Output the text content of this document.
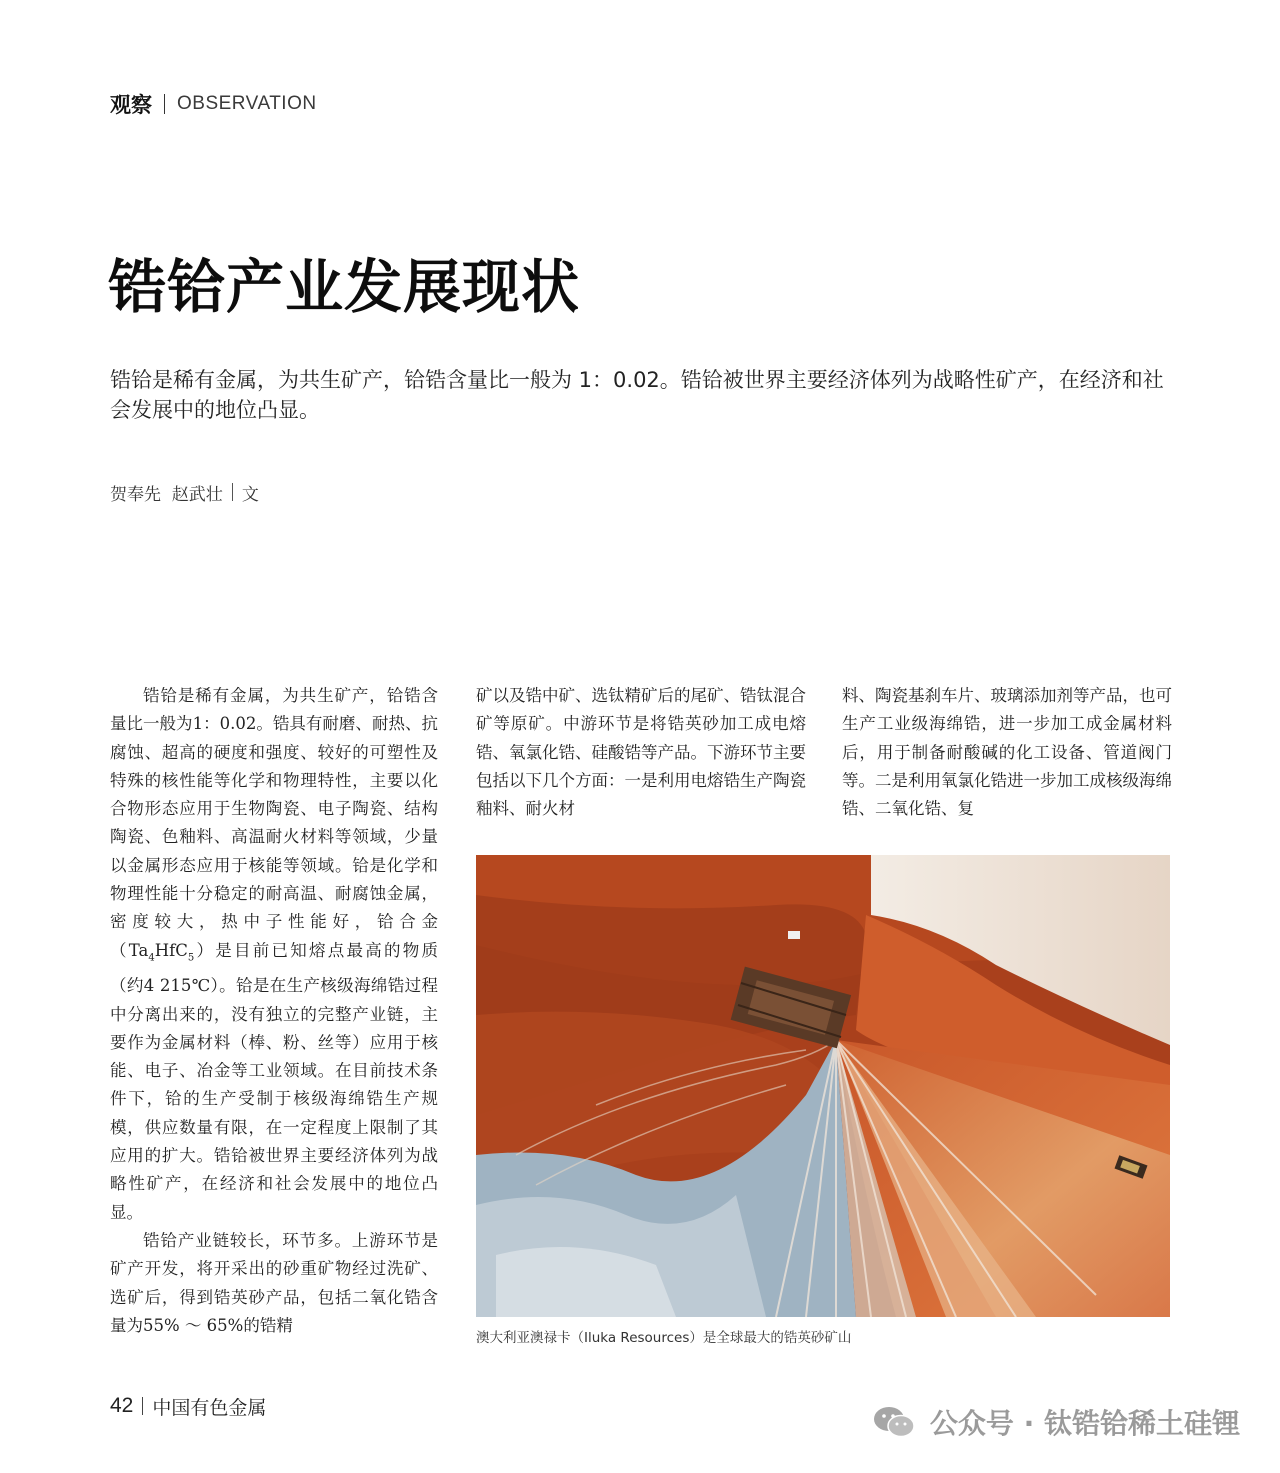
观察 OBSERVATION
锆铪产业发展现状

锆铪是稀有金属，为共生矿产，铪锆含量比一般为 1：0.02。锆铪被世界主要经济体列为战略性矿产，在经济和社会发展中的地位凸显。

贺奉先  赵武壮 文

锆铪是稀有金属，为共生矿产，铪锆含量比一般为1：0.02。锆具有耐磨、耐热、抗腐蚀、超高的硬度和强度、较好的可塑性及特殊的核性能等化学和物理特性，主要以化合物形态应用于生物陶瓷、电子陶瓷、结构陶瓷、色釉料、高温耐火材料等领域，少量以金属形态应用于核能等领域。铪是化学和物理性能十分稳定的耐高温、耐腐蚀金属，密度较大，热中子性能好，铪合金$(Ta_4HfC_5)$是目前已知熔点最高的物质（约4 215℃）。铪是在生产核级海绵锆过程中分离出来的，没有独立的完整产业链，主要作为金属材料（棒、粉、丝等）应用于核能、电子、冶金等工业领域。在目前技术条件下，铪的生产受制于核级海绵锆生产规模，供应数量有限，在一定程度上限制了其应用的扩大。锆铪被世界主要经济体列为战略性矿产，在经济和社会发展中的地位凸显。

锆铪产业链较长，环节多。上游环节是矿产开发，将开采出的砂重矿物经过洗矿、选矿后，得到锆英砂产品，包括二氧化锆含量为55% ～ 65%的锆精

矿以及锆中矿、选钛精矿后的尾矿、锆钛混合矿等原矿。中游环节是将锆英砂加工成电熔锆、氧氯化锆、硅酸锆等产品。下游环节主要包括以下几个方面：一是利用电熔锆生产陶瓷釉料、耐火材

料、陶瓷基刹车片、玻璃添加剂等产品，也可生产工业级海绵锆，进一步加工成金属材料后，用于制备耐酸碱的化工设备、管道阀门等。二是利用氧氯化锆进一步加工成核级海绵锆、二氧化锆、复

澳大利亚澳禄卡（Iluka Resources）是全球最大的锆英砂矿山
42 中国有色金属	公众号 · 钛锆铪稀土硅锂
